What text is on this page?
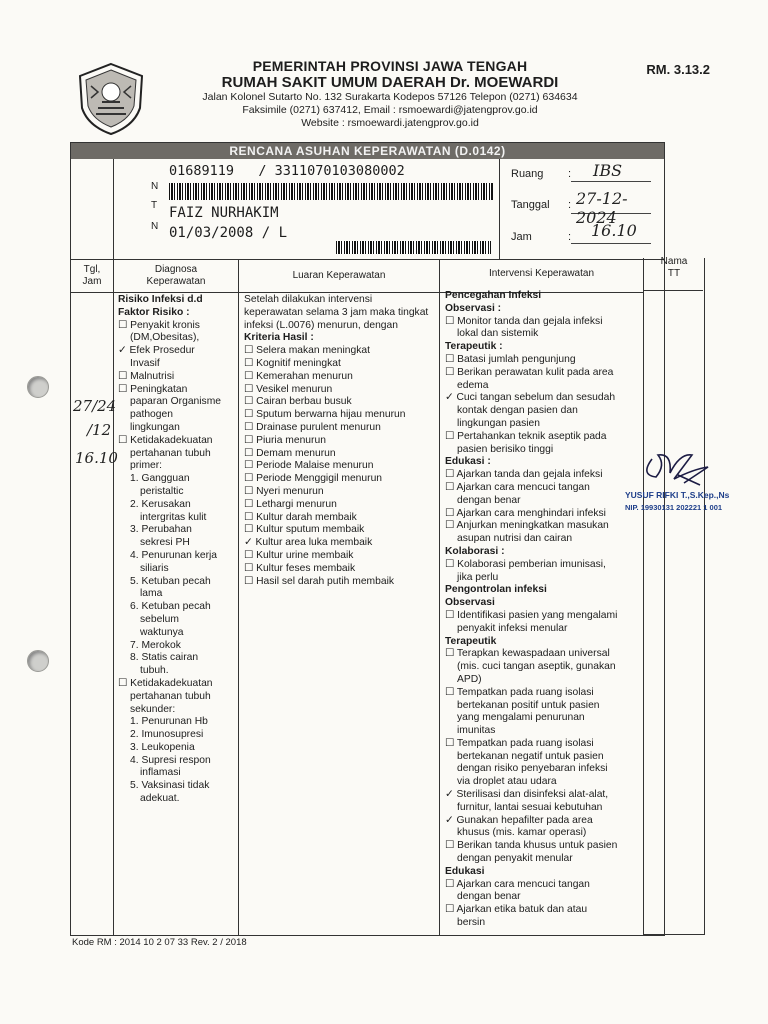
PEMERINTAH PROVINSI JAWA TENGAH
RUMAH SAKIT UMUM DAERAH Dr. MOEWARDI
Jalan Kolonel Sutarto No. 132 Surakarta Kodepos 57126 Telepon (0271) 634634
Faksimile (0271) 637412, Email : rsmoewardi@jatengprov.go.id
Website : rsmoewardi.jatengprov.go.id
RM. 3.13.2
RENCANA ASUHAN KEPERAWATAN (D.0142)
01689119   / 3311070103080002
N
T
N
FAIZ NURHAKIM
01/03/2008 / L
Ruang : IBS
Tanggal : 27-12-2024
Jam	: 16.10
Tgl, Jam
Diagnosa Keperawatan
Luaran Keperawatan	Intervensi Keperawatan
27/24
/12
16.10
Risiko Infeksi d.d
Faktor Risiko :
☐ Penyakit kronis
(DM,Obesitas),
✓ Efek Prosedur
Invasif
☐ Malnutrisi
☐ Peningkatan
paparan Organisme
pathogen
lingkungan
☐ Ketidakadekuatan
pertahanan tubuh
primer:
1. Gangguan
peristaltic
2. Kerusakan
intergritas kulit
3. Perubahan
sekresi PH
4. Penurunan kerja
siliaris
5. Ketuban pecah
lama
6. Ketuban pecah
sebelum
waktunya
7. Merokok
8. Statis cairan
tubuh.
☐ Ketidakadekuatan
pertahanan tubuh
sekunder:
1. Penurunan Hb
2. Imunosupresi
3. Leukopenia
4. Supresi respon
inflamasi
5. Vaksinasi tidak
adekuat.
Setelah dilakukan intervensi
keperawatan selama 3 jam maka tingkat
infeksi (L.0076) menurun, dengan
Kriteria Hasil :
☐ Selera makan meningkat
☐ Kognitif meningkat
☐ Kemerahan menurun
☐ Vesikel menurun
☐ Cairan berbau busuk
☐ Sputum berwarna hijau menurun
☐ Drainase purulent menurun
☐ Piuria menurun
☐ Demam menurun
☐ Periode Malaise menurun
☐ Periode Menggigil menurun
☐ Nyeri menurun
☐ Lethargi menurun
☐ Kultur darah membaik
☐ Kultur sputum membaik
✓ Kultur area luka membaik
☐ Kultur urine membaik
☐ Kultur feses membaik
☐ Hasil sel darah putih membaik
Pencegahan Infeksi
Observasi :
☐ Monitor tanda dan gejala infeksi
lokal dan sistemik
Terapeutik :
☐ Batasi jumlah pengunjung
☐ Berikan perawatan kulit pada area
edema
✓ Cuci tangan sebelum dan sesudah
kontak dengan pasien dan
lingkungan pasien
☐ Pertahankan teknik aseptik pada
pasien berisiko tinggi
Edukasi :
☐ Ajarkan tanda dan gejala infeksi
☐ Ajarkan cara mencuci tangan
dengan benar
☐ Ajarkan cara menghindari infeksi
☐ Anjurkan meningkatkan masukan
asupan nutrisi dan cairan
Kolaborasi :
☐ Kolaborasi pemberian imunisasi,
jika perlu
Pengontrolan infeksi
Observasi
☐ Identifikasi pasien yang mengalami
penyakit infeksi menular
Terapeutik
☐ Terapkan kewaspadaan universal
(mis. cuci tangan aseptik, gunakan
APD)
☐ Tempatkan pada ruang isolasi
bertekanan positif untuk pasien
yang mengalami penurunan
imunitas
☐ Tempatkan pada ruang isolasi
bertekanan negatif untuk pasien
dengan risiko penyebaran infeksi
via droplet atau udara
✓ Sterilisasi dan disinfeksi alat-alat,
furnitur, lantai sesuai kebutuhan
✓ Gunakan hepafilter pada area
khusus (mis. kamar operasi)
☐ Berikan tanda khusus untuk pasien
dengan penyakit menular
Edukasi
☐ Ajarkan cara mencuci tangan
dengan benar
☐ Ajarkan etika batuk dan atau
bersin
Nama TT
YUSUF RIFKI T.,S.Kep.,Ns
NIP. 19930131 202221 1 001
Kode RM : 2014 10 2 07 33 Rev. 2 / 2018
